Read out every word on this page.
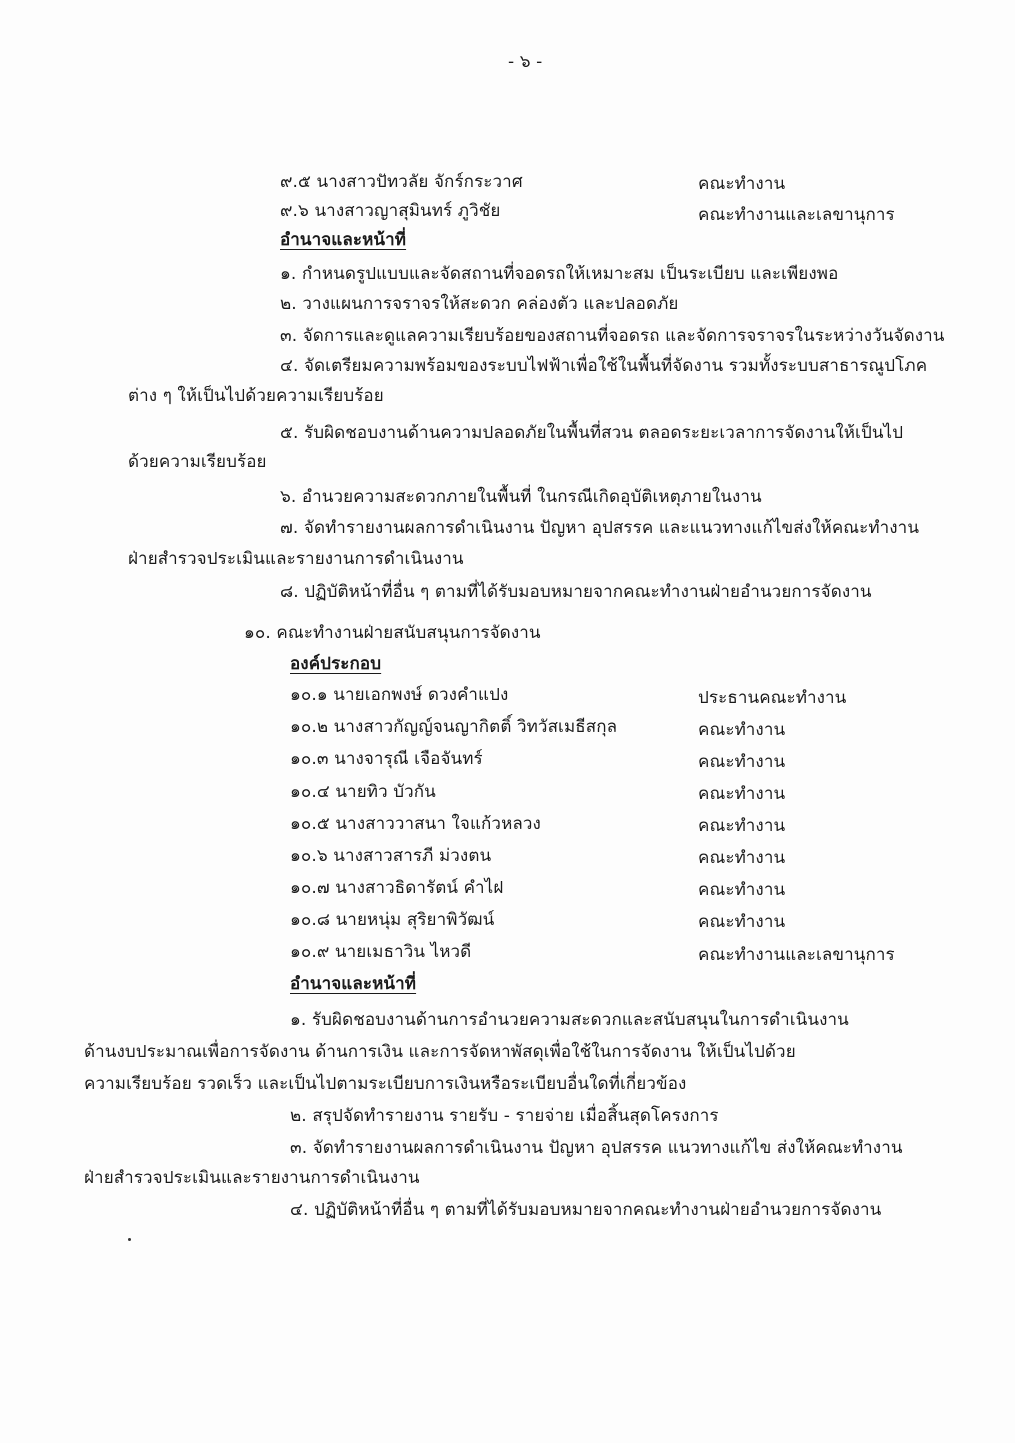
- ๖ -
๙.๕ นางสาวปัทวลัย จักร์กระวาศ	คณะทำงาน
๙.๖ นางสาวญาสุมินทร์ ภูวิชัย	คณะทำงานและเลขานุการ
อำนาจและหน้าที่
๑. กำหนดรูปแบบและจัดสถานที่จอดรถให้เหมาะสม เป็นระเบียบ และเพียงพอ
๒. วางแผนการจราจรให้สะดวก คล่องตัว และปลอดภัย
๓. จัดการและดูแลความเรียบร้อยของสถานที่จอดรถ และจัดการจราจรในระหว่างวันจัดงาน
๔. จัดเตรียมความพร้อมของระบบไฟฟ้าเพื่อใช้ในพื้นที่จัดงาน รวมทั้งระบบสาธารณูปโภค
ต่าง ๆ ให้เป็นไปด้วยความเรียบร้อย
๕. รับผิดชอบงานด้านความปลอดภัยในพื้นที่สวน ตลอดระยะเวลาการจัดงานให้เป็นไป
ด้วยความเรียบร้อย
๖. อำนวยความสะดวกภายในพื้นที่ ในกรณีเกิดอุบัติเหตุภายในงาน
๗. จัดทำรายงานผลการดำเนินงาน ปัญหา อุปสรรค และแนวทางแก้ไขส่งให้คณะทำงาน
ฝ่ายสำรวจประเมินและรายงานการดำเนินงาน
๘. ปฏิบัติหน้าที่อื่น ๆ ตามที่ได้รับมอบหมายจากคณะทำงานฝ่ายอำนวยการจัดงาน
๑๐. คณะทำงานฝ่ายสนับสนุนการจัดงาน
องค์ประกอบ
๑๐.๑ นายเอกพงษ์ ดวงคำแปง	ประธานคณะทำงาน
๑๐.๒ นางสาวกัญญ์จนญากิตติ์ วิทวัสเมธีสกุล	คณะทำงาน
๑๐.๓ นางจารุณี เจือจันทร์	คณะทำงาน
๑๐.๔ นายทิว บัวกัน	คณะทำงาน
๑๐.๕ นางสาววาสนา ใจแก้วหลวง	คณะทำงาน
๑๐.๖ นางสาวสารภี ม่วงตน	คณะทำงาน
๑๐.๗ นางสาวธิดารัตน์ คำไฝ	คณะทำงาน
๑๐.๘ นายหนุ่ม สุริยาพิวัฒน์	คณะทำงาน
๑๐.๙ นายเมธาวิน ไหวดี	คณะทำงานและเลขานุการ
อำนาจและหน้าที่
๑. รับผิดชอบงานด้านการอำนวยความสะดวกและสนับสนุนในการดำเนินงาน
ด้านงบประมาณเพื่อการจัดงาน ด้านการเงิน และการจัดหาพัสดุเพื่อใช้ในการจัดงาน ให้เป็นไปด้วย
ความเรียบร้อย รวดเร็ว และเป็นไปตามระเบียบการเงินหรือระเบียบอื่นใดที่เกี่ยวข้อง
๒. สรุปจัดทำรายงาน รายรับ - รายจ่าย เมื่อสิ้นสุดโครงการ
๓. จัดทำรายงานผลการดำเนินงาน ปัญหา อุปสรรค แนวทางแก้ไข ส่งให้คณะทำงาน
ฝ่ายสำรวจประเมินและรายงานการดำเนินงาน
๔. ปฏิบัติหน้าที่อื่น ๆ ตามที่ได้รับมอบหมายจากคณะทำงานฝ่ายอำนวยการจัดงาน
